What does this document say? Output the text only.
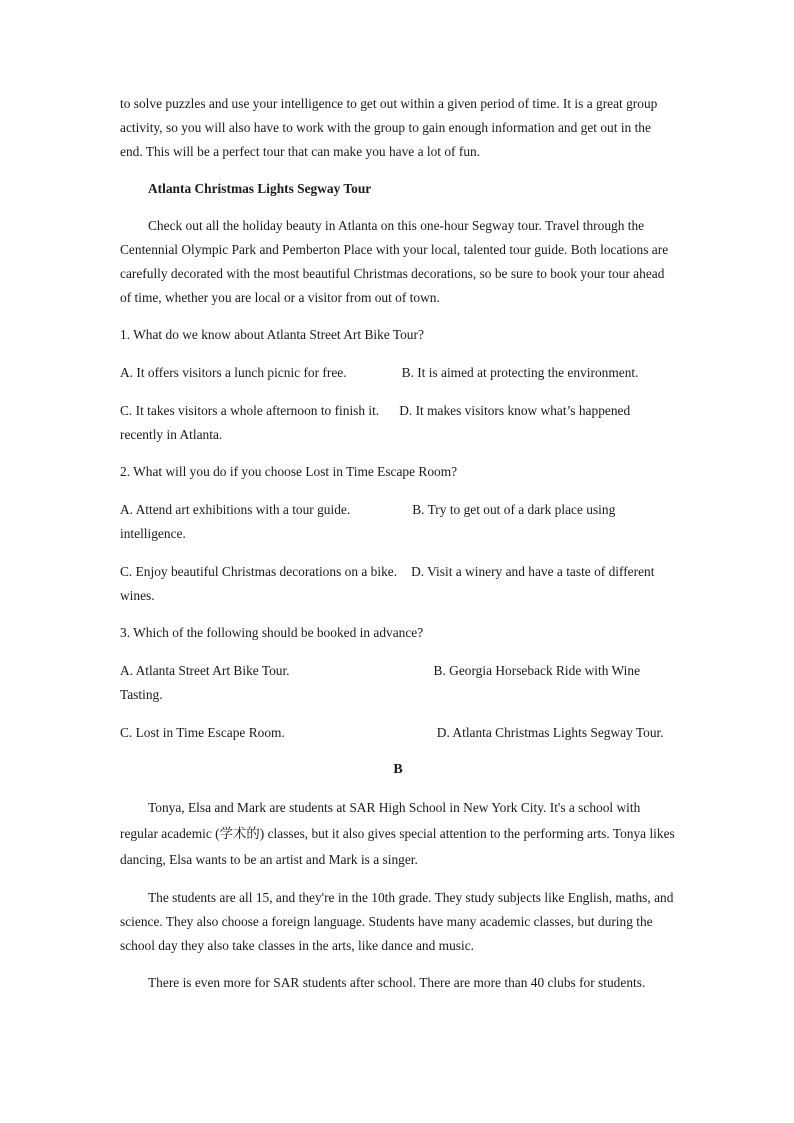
to solve puzzles and use your intelligence to get out within a given period of time. It is a great group activity, so you will also have to work with the group to gain enough information and get out in the end. This will be a perfect tour that can make you have a lot of fun.

Atlanta Christmas Lights Segway Tour

Check out all the holiday beauty in Atlanta on this one-hour Segway tour. Travel through the Centennial Olympic Park and Pemberton Place with your local, talented tour guide. Both locations are carefully decorated with the most beautiful Christmas decorations, so be sure to book your tour ahead of time, whether you are local or a visitor from out of town.

1. What do we know about Atlanta Street Art Bike Tour?

A. It offers visitors a lunch picnic for free.	B. It is aimed at protecting the environment.

C. It takes visitors a whole afternoon to finish it. D. It makes visitors know what’s happened recently in Atlanta.

2. What will you do if you choose Lost in Time Escape Room?

A. Attend art exhibitions with a tour guide.	B. Try to get out of a dark place using intelligence.

C. Enjoy beautiful Christmas decorations on a bike. D. Visit a winery and have a taste of different wines.

3. Which of the following should be booked in advance?

A. Atlanta Street Art Bike Tour.	B. Georgia Horseback Ride with Wine Tasting.

C. Lost in Time Escape Room.	D. Atlanta Christmas Lights Segway Tour.

B

Tonya, Elsa and Mark are students at SAR High School in New York City. It's a school with regular academic (学术的) classes, but it also gives special attention to the performing arts. Tonya likes dancing, Elsa wants to be an artist and Mark is a singer.

The students are all 15, and they're in the 10th grade. They study subjects like English, maths, and science. They also choose a foreign language. Students have many academic classes, but during the school day they also take classes in the arts, like dance and music.

There is even more for SAR students after school. There are more than 40 clubs for students.
